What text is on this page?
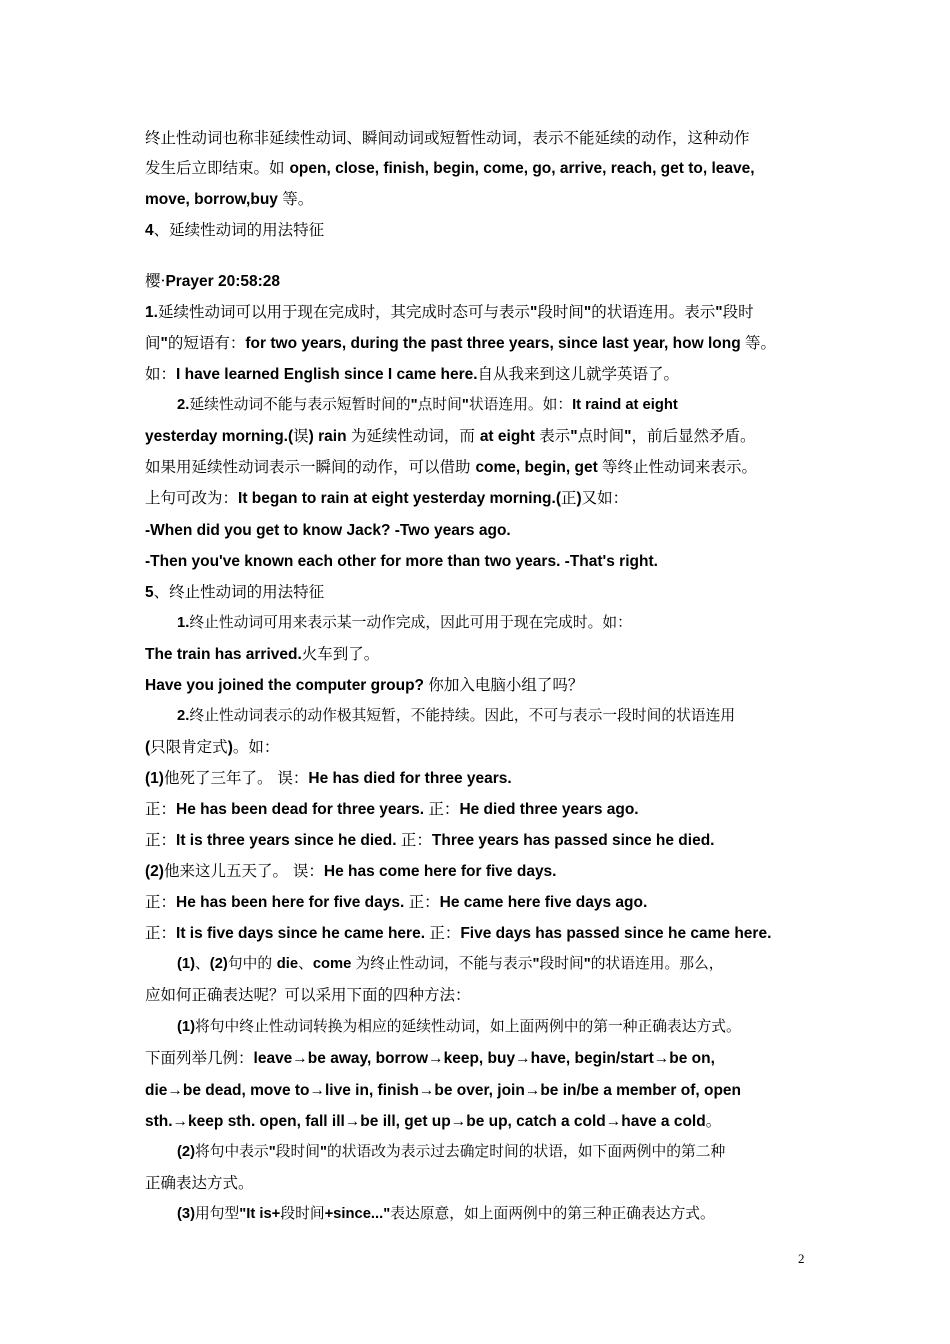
终止性动词也称非延续性动词、瞬间动词或短暂性动词，表示不能延续的动作，这种动作
发生后立即结束。如 open, close, finish, begin, come, go, arrive, reach, get to, leave,
move, borrow,buy 等。
4、延续性动词的用法特征
樱·Prayer 20:58:28
1.延续性动词可以用于现在完成时，其完成时态可与表示"段时间"的状语连用。表示"段时
间"的短语有：for two years, during the past three years, since last year, how long 等。
如：I have learned English since I came here.自从我来到这儿就学英语了。
2.延续性动词不能与表示短暂时间的"点时间"状语连用。如：It raind at eight
yesterday morning.(误) rain 为延续性动词，而 at eight 表示"点时间"，前后显然矛盾。
如果用延续性动词表示一瞬间的动作，可以借助 come, begin, get 等终止性动词来表示。
上句可改为：It began to rain at eight yesterday morning.(正)又如：
-When did you get to know Jack? -Two years ago.
-Then you've known each other for more than two years. -That's right.
5、终止性动词的用法特征
1.终止性动词可用来表示某一动作完成，因此可用于现在完成时。如：
The train has arrived.火车到了。
Have you joined the computer group? 你加入电脑小组了吗？
2.终止性动词表示的动作极其短暂，不能持续。因此，不可与表示一段时间的状语连用
(只限肯定式)。如：
(1)他死了三年了。 误：He has died for three years.
正：He has been dead for three years. 正：He died three years ago.
正：It is three years since he died. 正：Three years has passed since he died.
(2)他来这儿五天了。 误：He has come here for five days.
正：He has been here for five days. 正：He came here five days ago.
正：It is five days since he came here. 正：Five days has passed since he came here.
(1)、(2)句中的 die、come 为终止性动词，不能与表示"段时间"的状语连用。那么，
应如何正确表达呢？可以采用下面的四种方法：
(1)将句中终止性动词转换为相应的延续性动词，如上面两例中的第一种正确表达方式。
下面列举几例：leave→be away, borrow→keep, buy→have, begin/start→be on,
die→be dead, move to→live in, finish→be over, join→be in/be a member of, open
sth.→keep sth. open, fall ill→be ill, get up→be up, catch a cold→have a cold。
(2)将句中表示"段时间"的状语改为表示过去确定时间的状语，如下面两例中的第二种
正确表达方式。
(3)用句型"It is+段时间+since..."表达原意，如上面两例中的第三种正确表达方式。
2
